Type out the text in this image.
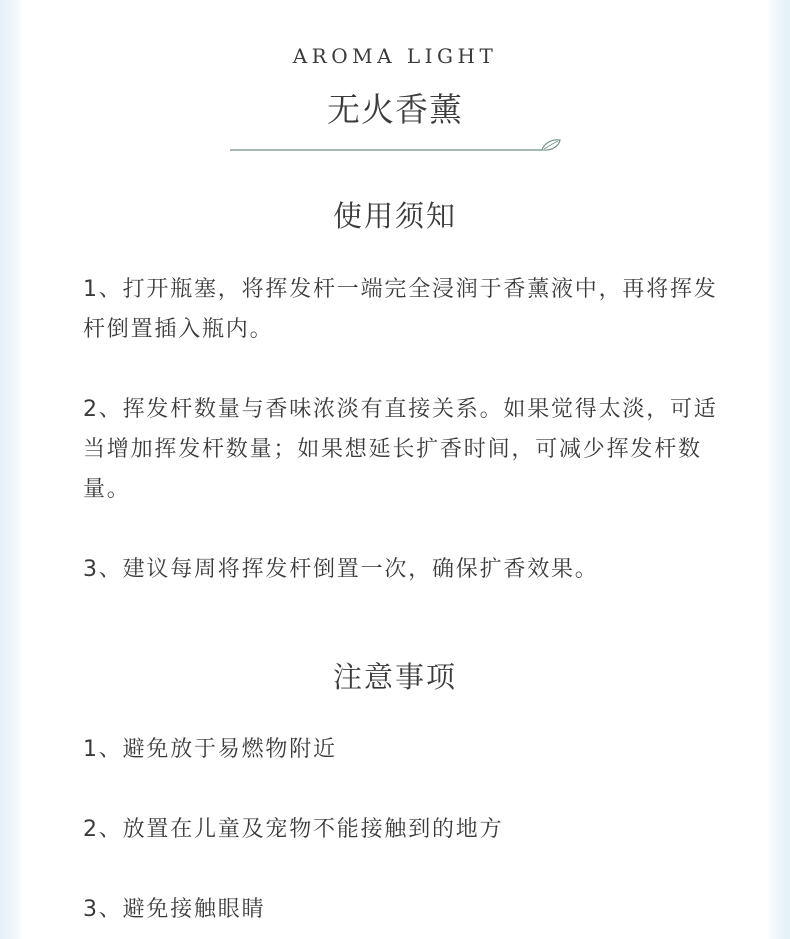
AROMA LIGHT
无火香薰
使用须知

1、打开瓶塞，将挥发杆一端完全浸润于香薰液中，再将挥发杆倒置插入瓶内。

2、挥发杆数量与香味浓淡有直接关系。如果觉得太淡，可适当增加挥发杆数量；如果想延长扩香时间，可减少挥发杆数量。

3、建议每周将挥发杆倒置一次，确保扩香效果。

注意事项

1、避免放于易燃物附近

2、放置在儿童及宠物不能接触到的地方

3、避免接触眼睛
